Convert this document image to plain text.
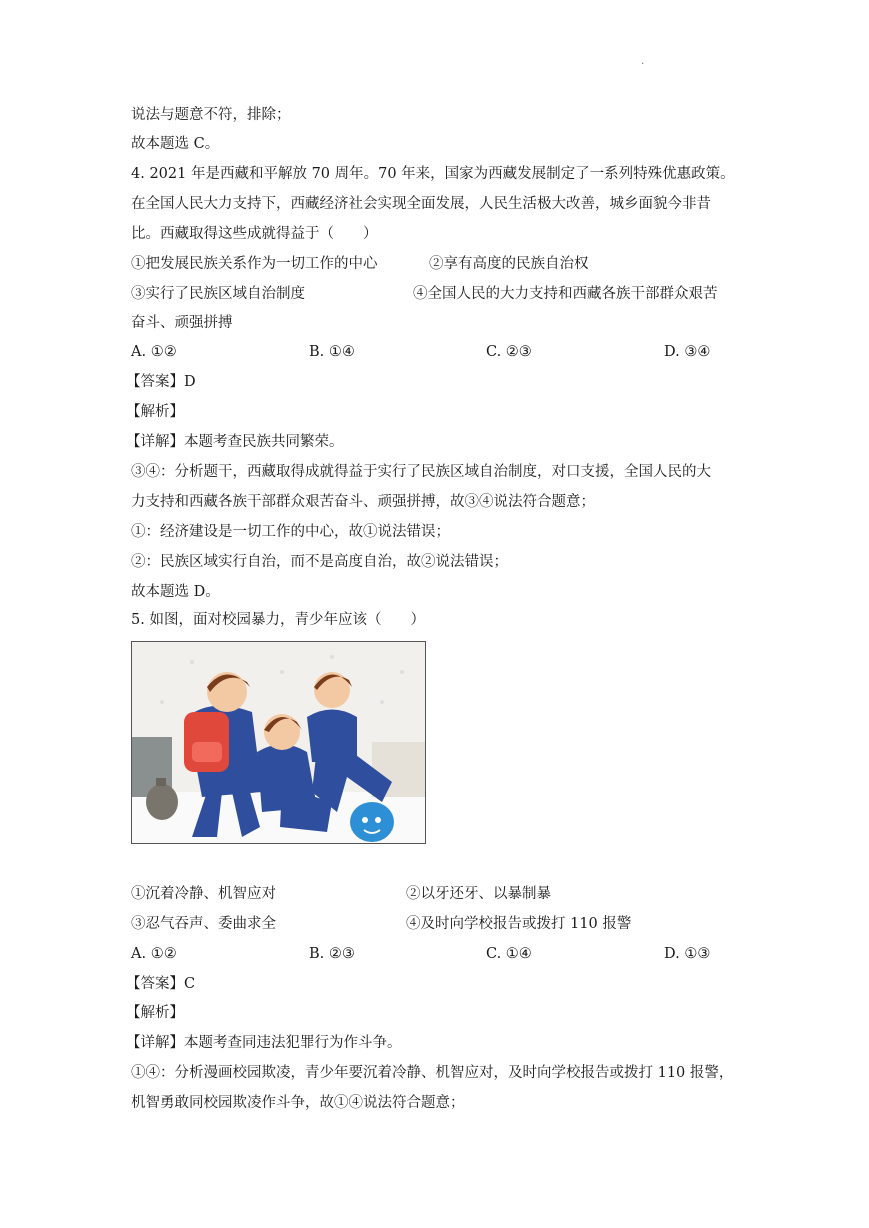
.
说法与题意不符，排除；
故本题选 C。
4. 2021 年是西藏和平解放 70 周年。70 年来，国家为西藏发展制定了一系列特殊优惠政策。
在全国人民大力支持下，西藏经济社会实现全面发展，人民生活极大改善，城乡面貌今非昔
比。西藏取得这些成就得益于（　　）
①把发展民族关系作为一切工作的中心	②享有高度的民族自治权
③实行了民族区域自治制度	④全国人民的大力支持和西藏各族干部群众艰苦
奋斗、顽强拼搏
A. ①②	B. ①④	C. ②③	D. ③④
【答案】D
【解析】
【详解】本题考查民族共同繁荣。
③④：分析题干，西藏取得成就得益于实行了民族区域自治制度，对口支援，全国人民的大
力支持和西藏各族干部群众艰苦奋斗、顽强拼搏，故③④说法符合题意；
①：经济建设是一切工作的中心，故①说法错误；
②：民族区域实行自治，而不是高度自治，故②说法错误；
故本题选 D。
5. 如图，面对校园暴力，青少年应该（　　）
①沉着冷静、机智应对	②以牙还牙、以暴制暴
③忍气吞声、委曲求全	④及时向学校报告或拨打 110 报警
A. ①②	B. ②③	C. ①④	D. ①③
【答案】C
【解析】
【详解】本题考查同违法犯罪行为作斗争。
①④：分析漫画校园欺凌，青少年要沉着冷静、机智应对，及时向学校报告或拨打 110 报警，
机智勇敢同校园欺凌作斗争，故①④说法符合题意；
